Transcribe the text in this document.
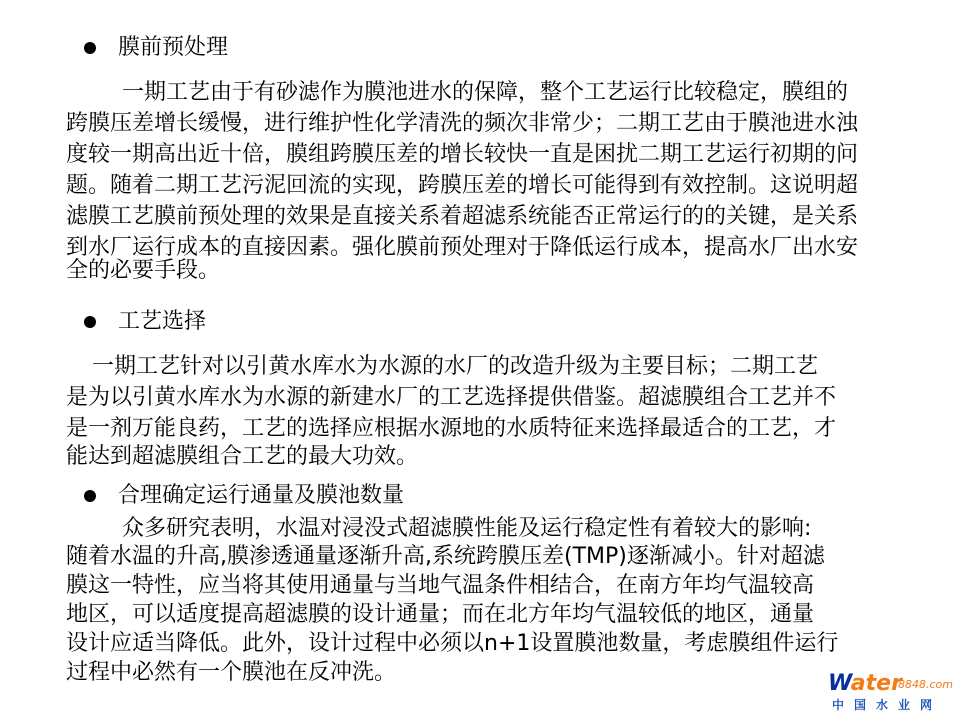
膜前预处理
一期工艺由于有砂滤作为膜池进水的保障，整个工艺运行比较稳定，膜组的
跨膜压差增长缓慢，进行维护性化学清洗的频次非常少；二期工艺由于膜池进水浊
度较一期高出近十倍，膜组跨膜压差的增长较快一直是困扰二期工艺运行初期的问
题。随着二期工艺污泥回流的实现，跨膜压差的增长可能得到有效控制。这说明超
滤膜工艺膜前预处理的效果是直接关系着超滤系统能否正常运行的的关键，是关系
到水厂运行成本的直接因素。强化膜前预处理对于降低运行成本，提高水厂出水安
全的必要手段。
工艺选择
一期工艺针对以引黄水库水为水源的水厂的改造升级为主要目标；二期工艺
是为以引黄水库水为水源的新建水厂的工艺选择提供借鉴。超滤膜组合工艺并不
是一剂万能良药，工艺的选择应根据水源地的水质特征来选择最适合的工艺，才
能达到超滤膜组合工艺的最大功效。
合理确定运行通量及膜池数量
众多研究表明，水温对浸没式超滤膜性能及运行稳定性有着较大的影响:
随着水温的升高,膜渗透通量逐渐升高,系统跨膜压差(TMP)逐渐减小。针对超滤
膜这一特性，应当将其使用通量与当地气温条件相结合，在南方年均气温较高
地区，可以适度提高超滤膜的设计通量；而在北方年均气温较低的地区，通量
设计应适当降低。此外，设计过程中必须以n+1设置膜池数量，考虑膜组件运行
过程中必然有一个膜池在反冲洗。	Water
8848.com
中国水业网
